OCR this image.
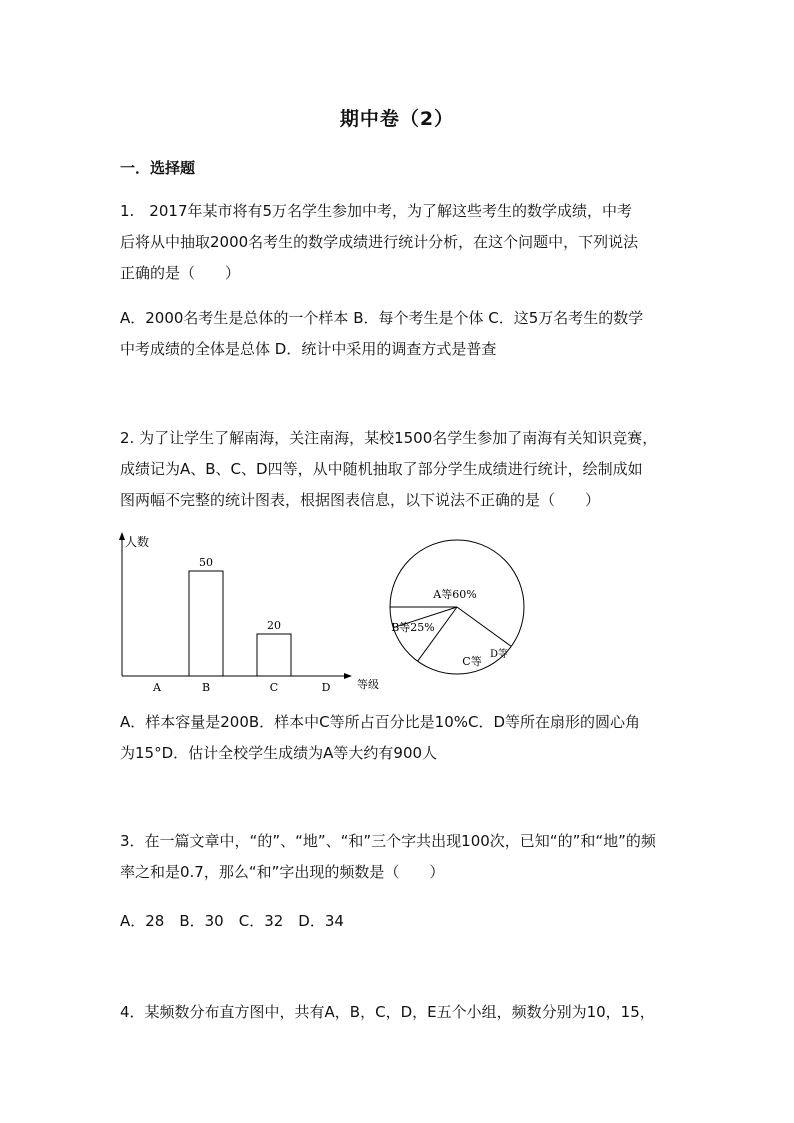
期中卷（2）
一．选择题
1.　2017年某市将有5万名学生参加中考，为了解这些考生的数学成绩，中考
后将从中抽取2000名考生的数学成绩进行统计分析，在这个问题中，下列说法
正确的是（　　）
A．2000名考生是总体的一个样本 B．每个考生是个体 C．这5万名考生的数学
中考成绩的全体是总体 D．统计中采用的调查方式是普查
2. 为了让学生了解南海，关注南海，某校1500名学生参加了南海有关知识竞赛，
成绩记为A、B、C、D四等，从中随机抽取了部分学生成绩进行统计，绘制成如
图两幅不完整的统计图表，根据图表信息，以下说法不正确的是（　　）
人数
等级
A	B
50
C
20
D
A等60%
B等25%
C等
D等
A．样本容量是200B．样本中C等所占百分比是10%C．D等所在扇形的圆心角
为15°D．估计全校学生成绩为A等大约有900人
3．在一篇文章中，“的”、“地”、“和”三个字共出现100次，已知“的”和“地”的频
率之和是0.7，那么“和”字出现的频数是（　　）
A．28　B．30　C．32　D．34
4．某频数分布直方图中，共有A，B，C，D，E五个小组，频数分别为10，15，
